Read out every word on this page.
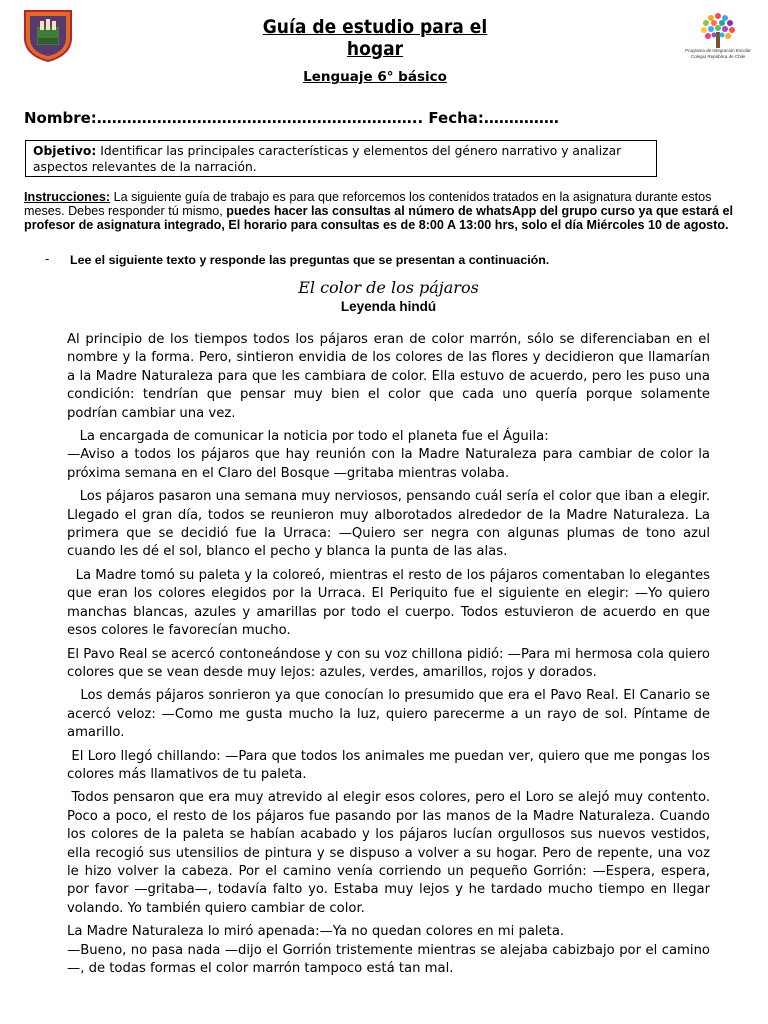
Programa de Integración Escolar
Colegio República de Chile
Guía de estudio para el
hogar
Lenguaje 6° básico
Nombre:……………………………………………………….. Fecha:……………
Objetivo: Identificar las principales características y elementos del género narrativo y analizar aspectos relevantes de la narración.
Instrucciones: La siguiente guía de trabajo es para que reforcemos los contenidos tratados en la asignatura durante estos meses. Debes responder tú mismo, puedes hacer las consultas al número de whatsApp del grupo curso ya que estará el profesor de asignatura integrado, El horario para consultas es de 8:00 A 13:00 hrs, solo el día Miércoles 10 de agosto.
- Lee el siguiente texto y responde las preguntas que se presentan a continuación.
El color de los pájaros
Leyenda hindú

Al principio de los tiempos todos los pájaros eran de color marrón, sólo se diferenciaban en el nombre y la forma. Pero, sintieron envidia de los colores de las flores y decidieron que llamarían a la Madre Naturaleza para que les cambiara de color. Ella estuvo de acuerdo, pero les puso una condición: tendrían que pensar muy bien el color que cada uno quería porque solamente podrían cambiar una vez.

La encargada de comunicar la noticia por todo el planeta fue el Águila:

—Aviso a todos los pájaros que hay reunión con la Madre Naturaleza para cambiar de color la próxima semana en el Claro del Bosque —gritaba mientras volaba.

Los pájaros pasaron una semana muy nerviosos, pensando cuál sería el color que iban a elegir. Llegado el gran día, todos se reunieron muy alborotados alrededor de la Madre Naturaleza. La primera que se decidió fue la Urraca: —Quiero ser negra con algunas plumas de tono azul cuando les dé el sol, blanco el pecho y blanca la punta de las alas.

La Madre tomó su paleta y la coloreó, mientras el resto de los pájaros comentaban lo elegantes que eran los colores elegidos por la Urraca. El Periquito fue el siguiente en elegir: —Yo quiero manchas blancas, azules y amarillas por todo el cuerpo. Todos estuvieron de acuerdo en que esos colores le favorecían mucho.

El Pavo Real se acercó contoneándose y con su voz chillona pidió: —Para mi hermosa cola quiero colores que se vean desde muy lejos: azules, verdes, amarillos, rojos y dorados.

Los demás pájaros sonrieron ya que conocían lo presumido que era el Pavo Real. El Canario se acercó veloz: —Como me gusta mucho la luz, quiero parecerme a un rayo de sol. Píntame de amarillo.

El Loro llegó chillando: —Para que todos los animales me puedan ver, quiero que me pongas los colores más llamativos de tu paleta.

Todos pensaron que era muy atrevido al elegir esos colores, pero el Loro se alejó muy contento. Poco a poco, el resto de los pájaros fue pasando por las manos de la Madre Naturaleza. Cuando los colores de la paleta se habían acabado y los pájaros lucían orgullosos sus nuevos vestidos, ella recogió sus utensilios de pintura y se dispuso a volver a su hogar. Pero de repente, una voz le hizo volver la cabeza. Por el camino venía corriendo un pequeño Gorrión: —Espera, espera, por favor —gritaba—, todavía falto yo. Estaba muy lejos y he tardado mucho tiempo en llegar volando. Yo también quiero cambiar de color.

La Madre Naturaleza lo miró apenada:—Ya no quedan colores en mi paleta.

—Bueno, no pasa nada —dijo el Gorrión tristemente mientras se alejaba cabizbajo por el camino —, de todas formas el color marrón tampoco está tan mal.
